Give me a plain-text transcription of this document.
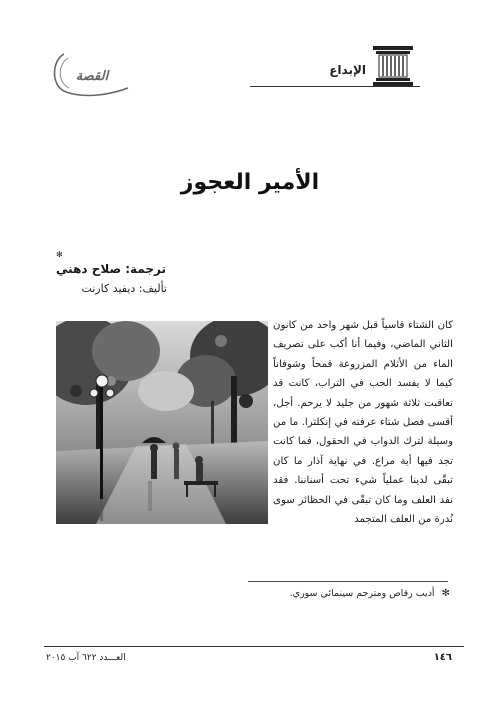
الإبداع
القصة
الأمير العجوز
✻
ترجمة: صلاح دهني
تأليف: ديفيد كارنت
كان الشتاء قاسياً قبل شهر واحد من كانون الثاني الماضي، وفيما أنا أكب على تصريف الماء من الأثلام المزروعة قمحاً وشوفاناً كيما لا يفسد الحب في التراب، كانت قد تعاقبت ثلاثة شهور من جليد لا يرحم. أجل، أقسى فصل شتاء عرفته في إنكلترا. ما من وسيلة لترك الدواب في الحقول، فما كانت تجد فيها أية مراع. في نهاية آذار ما كان تبقّى لدينا عملياً شيء تحت أسناننا. فقد نفد العلف وما كان تبقّى في الحظائر سوى نُدرة من العلف المتجمد
✻ أديب رقاص ومترجم سينمائي سوري.
١٤٦
العـــدد ٦٢٢ آب ٢٠١٥
